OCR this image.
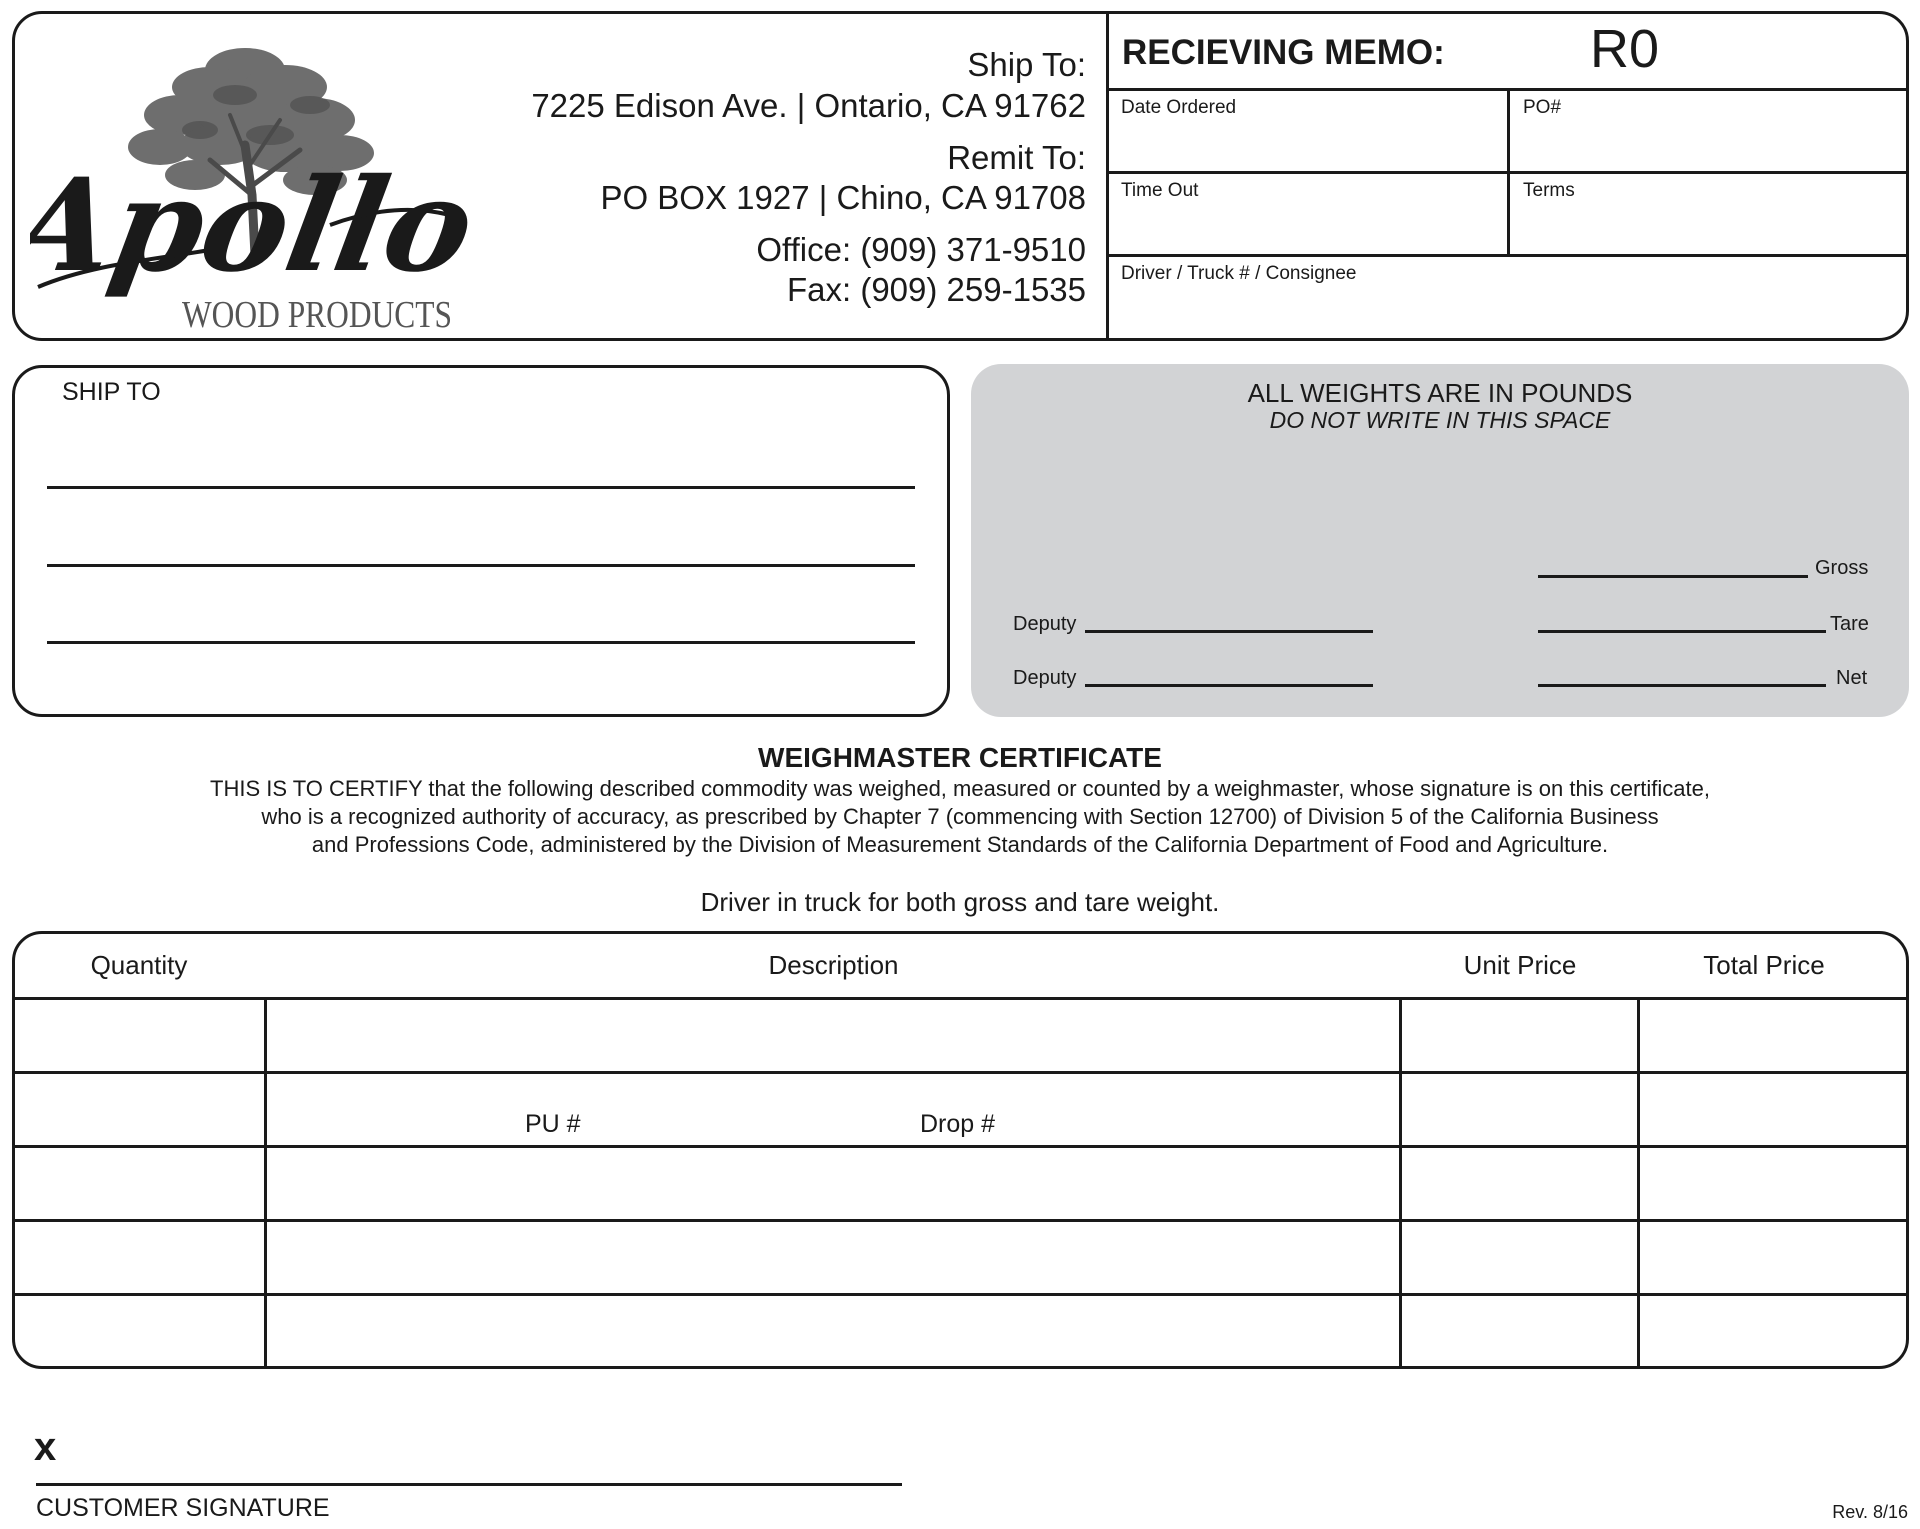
Apollo
WOOD PRODUCTS
Ship To:
7225 Edison Ave. | Ontario, CA 91762
Remit To:
PO BOX 1927 | Chino, CA 91708
Office: (909) 371-9510
Fax: (909) 259-1535
RECIEVING MEMO:	R0
Date Ordered	PO#
Time Out	Terms
Driver / Truck # / Consignee
SHIP TO	ALL WEIGHTS ARE IN POUNDS
DO NOT WRITE IN THIS SPACE
Deputy
Deputy
Gross
Tare
Net
WEIGHMASTER CERTIFICATE
THIS IS TO CERTIFY that the following described commodity was weighed, measured or counted by a weighmaster, whose signature is on this certificate,
who is a recognized authority of accuracy, as prescribed by Chapter 7 (commencing with Section 12700) of Division 5 of the California Business
and Professions Code, administered by the Division of Measurement Standards of the California Department of Food and Agriculture.
Driver in truck for both gross and tare weight.
Quantity	Description	Unit Price	Total Price
PU #	Drop #
x
CUSTOMER SIGNATURE	Rev. 8/16
